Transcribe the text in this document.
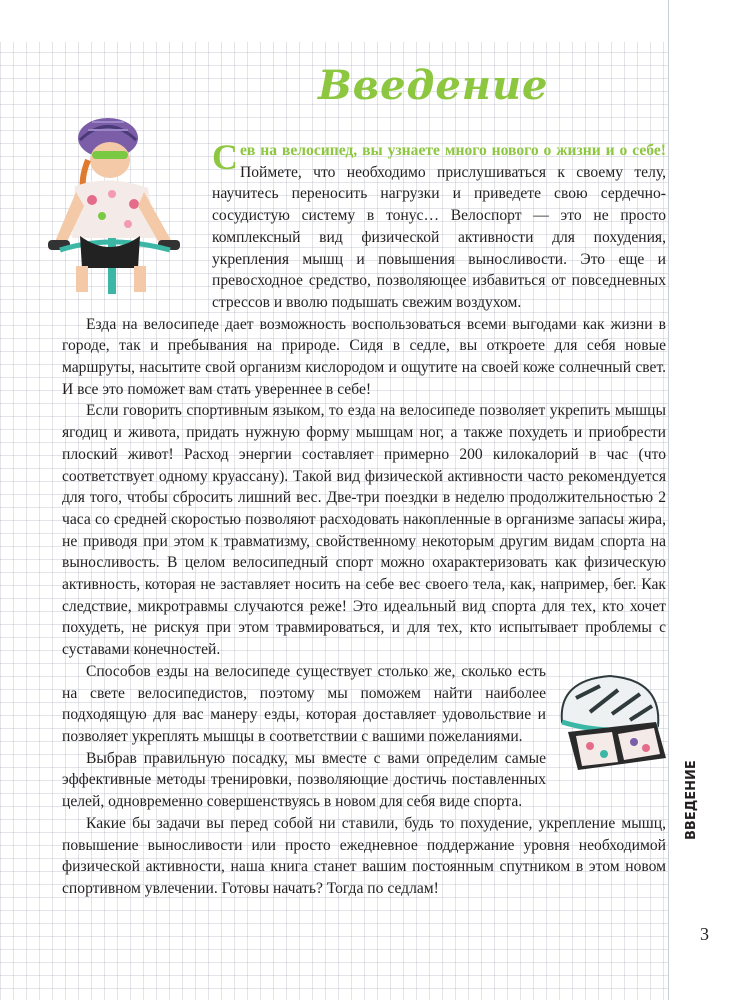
Введение

Сев на велосипед, вы узнаете много нового о жизни и о себе! Поймете, что необходимо прислушиваться к своему телу, научитесь переносить нагрузки и приведете свою сердечно-сосудистую систему в тонус… Велоспорт — это не просто комплексный вид физической активности для похудения, укрепления мышц и повышения выносливости. Это еще и превосходное средство, позволяющее избавиться от повседневных стрессов и вволю подышать свежим воздухом.

Езда на велосипеде дает возможность воспользоваться всеми выгодами как жизни в городе, так и пребывания на природе. Сидя в седле, вы откроете для себя новые маршруты, насытите свой организм кислородом и ощутите на своей коже солнечный свет. И все это поможет вам стать увереннее в себе!

Если говорить спортивным языком, то езда на велосипеде позволяет укрепить мышцы ягодиц и живота, придать нужную форму мышцам ног, а также похудеть и приобрести плоский живот! Расход энергии составляет примерно 200 килокалорий в час (что соответствует одному круассану). Такой вид физической активности часто рекомендуется для того, чтобы сбросить лишний вес. Две-три поездки в неделю продолжительностью 2 часа со средней скоростью позволяют расходовать накопленные в организме запасы жира, не приводя при этом к травматизму, свойственному некоторым другим видам спорта на выносливость. В целом велосипедный спорт можно охарактеризовать как физическую активность, которая не заставляет носить на себе вес своего тела, как, например, бег. Как следствие, микротравмы случаются реже! Это идеальный вид спорта для тех, кто хочет похудеть, не рискуя при этом травмироваться, и для тех, кто испытывает проблемы с суставами конечностей.

Способов езды на велосипеде существует столько же, сколько есть на свете велосипедистов, поэтому мы поможем найти наиболее подходящую для вас манеру езды, которая доставляет удовольствие и позволяет укреплять мышцы в соответствии с вашими пожеланиями.

Выбрав правильную посадку, мы вместе с вами определим самые эффективные методы тренировки, позволяющие достичь поставленных целей, одновременно совершенствуясь в новом для себя виде спорта.

Какие бы задачи вы перед собой ни ставили, будь то похудение, укрепление мышц, повышение выносливости или просто ежедневное поддержание уровня необходимой физической активности, наша книга станет вашим постоянным спутником в этом новом спортивном увлечении. Готовы начать? Тогда по седлам!

ВВЕДЕНИЕ
3
